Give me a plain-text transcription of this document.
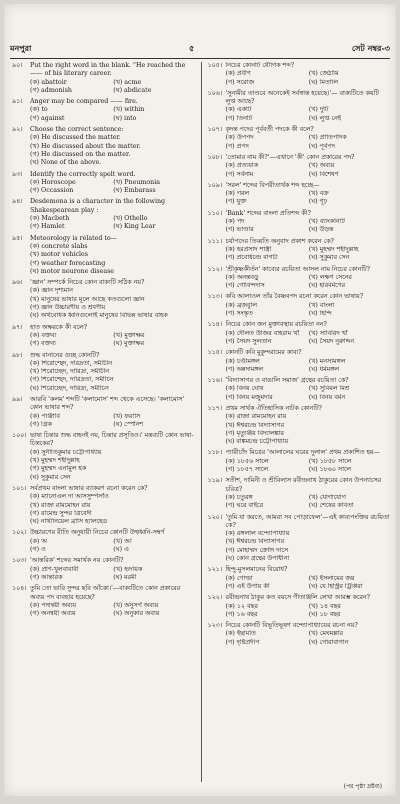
মনপুরা	৫	সেট নম্বর-৩
৯০।	Put the right word in the blank. "He reached the —— of his literary career.
(ক) abattoir	(খ) acme
(গ) admonish	(ঘ) abdicate
৯১।	Anger may be compared —— fire.
(ক) to	(খ) within
(গ) against	(ঘ) into
৯২।	Choose the correct sentence:
(ক) He discussed the matter.
(খ) He discussed about the matter.
(গ) He discussed on the matter.
(ঘ) None of the above.
৯৩।	Identify the correctly spelt word.
(ক) Horoscope	(খ) Pneumonia
(গ) Occassion	(ঘ) Embarass
৯৪।	Desdemona is a character in the following Shakespearean play :
(ক) Macbeth	(খ) Othello
(গ) Hamlet	(ঘ) King Lear
৯৫।	Meteorology is related to—
(ক) concrete slabs
(খ) motor vehicles
(গ) weather forecasting
(ঘ) motor neurone disease
৯৬।	'জ্ঞান' সম্পর্কে নিচের কোন বাক্যটি সঠিক নয়?
(ক) জ্ঞান দৃশ্যমান
(খ) মানুষের ভাষার মূলে আছে কতগুলো জ্ঞান
(গ) জ্ঞান উচ্চারণীয় ও শ্রবণীয়
(ঘ) অর্থবোধক ধ্বনিগুলোই মানুষের বিভিন্ন ভাষার বাহক
৯৭।	হাত অক্ষরকে কী বলে?
(ক) বক্তব্য	(খ) মুক্তাক্ষর
(গ) বক্তব্য	(ঘ) মুক্তাক্ষর
৯৮।	শুদ্ধ বানানের গুচ্ছ কোনটি?
(ক) শিরোশ্ছেদ, দরিদ্রতা, সমীচীন
(খ) শিরোচ্ছেদ, দারিদ্র্য, সমীচীন
(গ) শিরোশ্ছেদ, দারিদ্রতা, সমীচিন
(ঘ) শিরোচ্ছেদ, দারিদ্র্য, সমীচিন
৯৯।	আরবি 'কলম' শব্দটি 'কলামোস' শব্দ থেকে এসেছে। 'কলামোস' কোন ভাষার শব্দ?
(ক) পাঞ্জাবি	(খ) ফরাসি
(গ) গ্রিক	(ঘ) স্পেনিশ
১০০। ভাষা চিন্তার শুদ্ধ বাহনই নয়, চিন্তার প্রসূতিও।' মন্তব্যটি কোন ভাষা-চিন্তকের?
(ক) সুনীতিকুমার চট্টোপাধ্যায়
(খ) মুহম্মদ শহীদুল্লাহ
(গ) মুহম্মদ এনামুল হক
(ঘ) সুকুমার সেন
১০১। সর্বপ্রথম বাংলা ভাষার ব্যাকরণ রচনা করেন কে?
(ক) ম্যানোএল দা আসসুম্পসাঁও
(খ) রাজা রামমোহন রায়
(গ) রামেন্দ্র সুন্দর ত্রিবেদী
(ঘ) নাথানিয়েল ব্রাসি হ্যালহেড
১০২। উচ্চারণের রীতি অনুযায়ী নিচের কোনটি উষ্মধ্বনি-সম্বৰ্ণ
(ক) অ	(খ) আ
(গ) ও	(ঘ) এ
১০৩। 'আন্তরিক' শব্দের সমার্থক নয় কোনটি?
(ক) প্রাণ-খুলবাবাবী	(খ) হৃদয়িক
(গ) আন্তরিক	(ঘ) মরমী
১০৪। তুমি তো ভারি সুন্দর ছবি আঁকো।'—বাক্যটিতে কোন প্রকারের অব্যয় পদ ব্যবহার হয়েছে?
(ক) পদান্বয়ী অব্যয়	(খ) অনুসর্গ অব্যয়
(গ) অনন্বয়ী অব্যয়	(ঘ) অনুকার অব্যয়
১০৫। নিচের কোনটি যৌগিক শব্দ?
(ক) প্রবীণ	(খ) জেঠামি
(গ) সরোজ	(ঘ) মিতালি
১০৬। 'সুনামীর তাণ্ডবে অনেকেই সর্বস্বান্ত হয়েছে।'— বাক্যটিতে কয়টি লুপ্ত আছে?
(ক) একটি	(খ) দুটি
(গ) তিনটি	(ঘ) লুপ্ত নেই
১০৭। কৃদন্ত পদের পূর্ববর্তী পদকে কী বলে?
(ক) উপপদ	(খ) প্রাতিপদিক
(গ) প্রপদ	(ঘ) পূর্বপদ
১০৮। 'তোমার নাম কী?'—এখানে 'কী' কোন প্রকারের পদ?
(ক) প্রত্যয়াক	(খ) অব্যয়
(গ) সর্বনাম	(ঘ) বিশেষণ
১০৯। 'সরল' শব্দের বিপরীতার্থক শব্দ হচ্ছে—
(ক) গরল	(খ) বক্র
(গ) যুক্ত	(ঘ) গূঢ়
১১০। 'Bank' শব্দের বাংলা প্রতিশব্দ কী?
(ক) পদ	(খ) ব্যাংকনিটি
(গ) ভাণ্ডার	(ঘ) উড়ন্ত
১১১। চর্যাপদের তিব্বতি অনুবাদ প্রকাশ করেন কে?
(ক) হরপ্রসাদ শাস্ত্রী	(খ) মুহম্মদ শহীদুল্লাহ
(গ) প্রবোধচন্দ্র বাগচী	(ঘ) সুকুমার সেন
১১২। 'শ্রীকৃষ্ণকীর্তন' কাব্যের রচয়িতা আসল নাম নিচের কোনটি?
(ক) অনন্তবড়ু	(খ) লক্ষণ সেনের
(গ) গোবিন্দদাস	(ঘ) হরিবর্মণের
১১৩। কবি আলাওল তাঁর বৈষ্ণবপদ রচনা করেন কোন ভাষায়?
(ক) ব্রজবুলি	(খ) বাংলা
(গ) সংস্কৃত	(ঘ) হিন্দি
১১৪। নিচের কোন জন মুক্তাবস্থায় রচয়িতা নন?
(ক) দৌলত উজির বাহরাম খাঁ	(খ) সাবিরিদ খাঁ
(গ) সৈয়দ সুলতান	(ঘ) সৈয়দ নুরুদ্দিন
১১৫। কোনটি কবি মুকুন্দরামের কাব্য?
(ক) চণ্ডীমঙ্গল	(খ) মনসামঙ্গল
(গ) অন্নদামঙ্গল	(ঘ) ধর্মমঙ্গল
১১৬। 'বিদ্যাসাগর ও বাঙালি সমাজ' গ্রন্থের রচয়িতা কে?
(ক) বিনয় ঘোষ	(খ) সুবিমল মিশ্র
(গ) বিনয় মজুমদার	(ঘ) বিনয় বর্মন
১১৭। প্রথম সার্থক ঐতিহাসিক নাটক কোনটি?
(ক) রাজা রামমোহন রায়
(খ) ঈশ্বরচন্দ্র বিদ্যাসাগর
(গ) মৃত্যুঞ্জয় বিদ্যালঙ্কার
(ঘ) বঙ্কিমচন্দ্র চট্টোপাধ্যায়
১১৮। প্যারীচাঁদ মিত্রের 'আলালের ঘরের দুলাল' প্রথম প্রকাশিত হয়—
(ক) ১৮৫৬ সালে	(খ) ১৮৫৮ সালে
(গ) ১৮৫৭ সালে	(ঘ) ১৮৬০ সালে
১১৯। সতীশ, দামিনী ও শ্রীবিলাস রবীন্দ্রনাথ ঠাকুরের কোন উপন্যাসের চরিত্র?
(ক) চতুরঙ্গ	(খ) যোগাযোগ
(গ) ঘরে বাইরে	(ঘ) শেষের কবিতা
১২০। 'তুমি যা করতে, আমরা সব পোড়াফেল'—এই কাব্যপংক্তির রচয়িতা কে?
(ক) রঙ্গলাল বন্দ্যোপাধ্যায়
(খ) ঈশ্বরচন্দ্র বিদ্যাসাগর
(গ) মোহাম্মদ ক্রোদি দাসে
(ঘ) কোন গ্রন্থের উপাধীনা
১২১। হিন্দু-মুসলমানের বিরোধ?
(ক) গোল্ডা	(খ) ইসলামের জয়
(গ) এই উপায় কী	(ঘ) যে হিস্ট্রির ট্রিপ্পিরা
১২২। রবীন্দ্রনাথ ঠাকুর কত বয়সে গীতাঞ্জলি লেখা আরম্ভ করেন?
(ক) ১২ বছর	(খ) ১৪ বছর
(গ) ১৬ বছর	(ঘ) ১৮ বছর
১২৩। নিচের কোনটি বিভূতিভূষণ বন্দ্যোপাধ্যায়ের রচনা নয়?
(ক) ইছামতি	(খ) মেঘমল্লার
(গ) দৃষ্টিপ্রদীপ	(ঘ) গোরাবাগান
(পর পৃষ্ঠা দ্রষ্টব্য)
